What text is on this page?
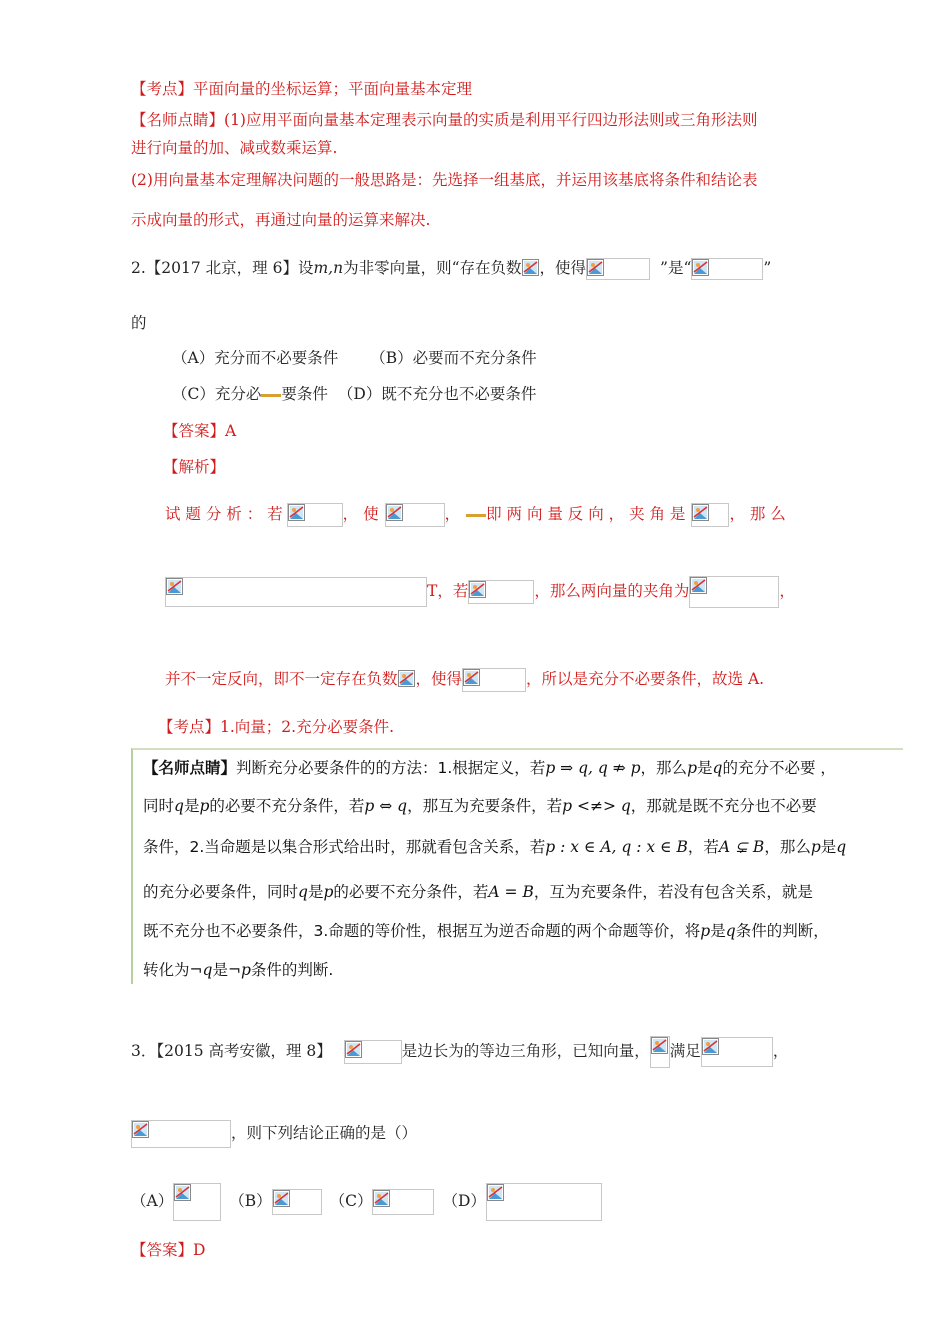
【考点】平面向量的坐标运算；平面向量基本定理
【名师点睛】(1)应用平面向量基本定理表示向量的实质是利用平行四边形法则或三角形法则
进行向量的加、减或数乘运算.
(2)用向量基本定理解决问题的一般思路是：先选择一组基底，并运用该基底将条件和结论表
示成向量的形式，再通过向量的运算来解决.
2.【2017 北京，理 6】设m,n为非零向量，则“存在负数 ，使得	”是“	”
的
（A）充分而不必要条件 （B）必要而不充分条件
（C）充分必 要条件 （D）既不充分也不必要条件
【答案】A
【解析】
试 题 分 析 ： 若	， 使	， 即 两 向 量 反 向 ， 夹 角 是	， 那 么
T，若	，那么两向量的夹角为	，
并不一定反向，即不一定存在负数 ，使得	，所以是充分不必要条件，故选 A.
【考点】1.向量；2.充分必要条件.
【名师点睛】判断充分必要条件的的方法：1.根据定义，若p ⇒ q, q ⇏ p，那么p是q的充分不必要 ，
同时q是p的必要不充分条件，若p ⇔ q，那互为充要条件，若p <≠> q，那就是既不充分也不必要
条件，2.当命题是以集合形式给出时，那就看包含关系，若p : x ∈ A, q : x ∈ B，若A ⊊ B，那么p是q
的充分必要条件，同时q是p的必要不充分条件，若A = B，互为充要条件，若没有包含关系，就是
既不充分也不必要条件，3.命题的等价性，根据互为逆否命题的两个命题等价，将p是q条件的判断，
转化为¬q是¬p条件的判断.
3．【2015 高考安徽，理 8】	是边长为的等边三角形，已知向量， 满足	，
，则下列结论正确的是（）
（A）	（B）	（C）	（D）
【答案】D
